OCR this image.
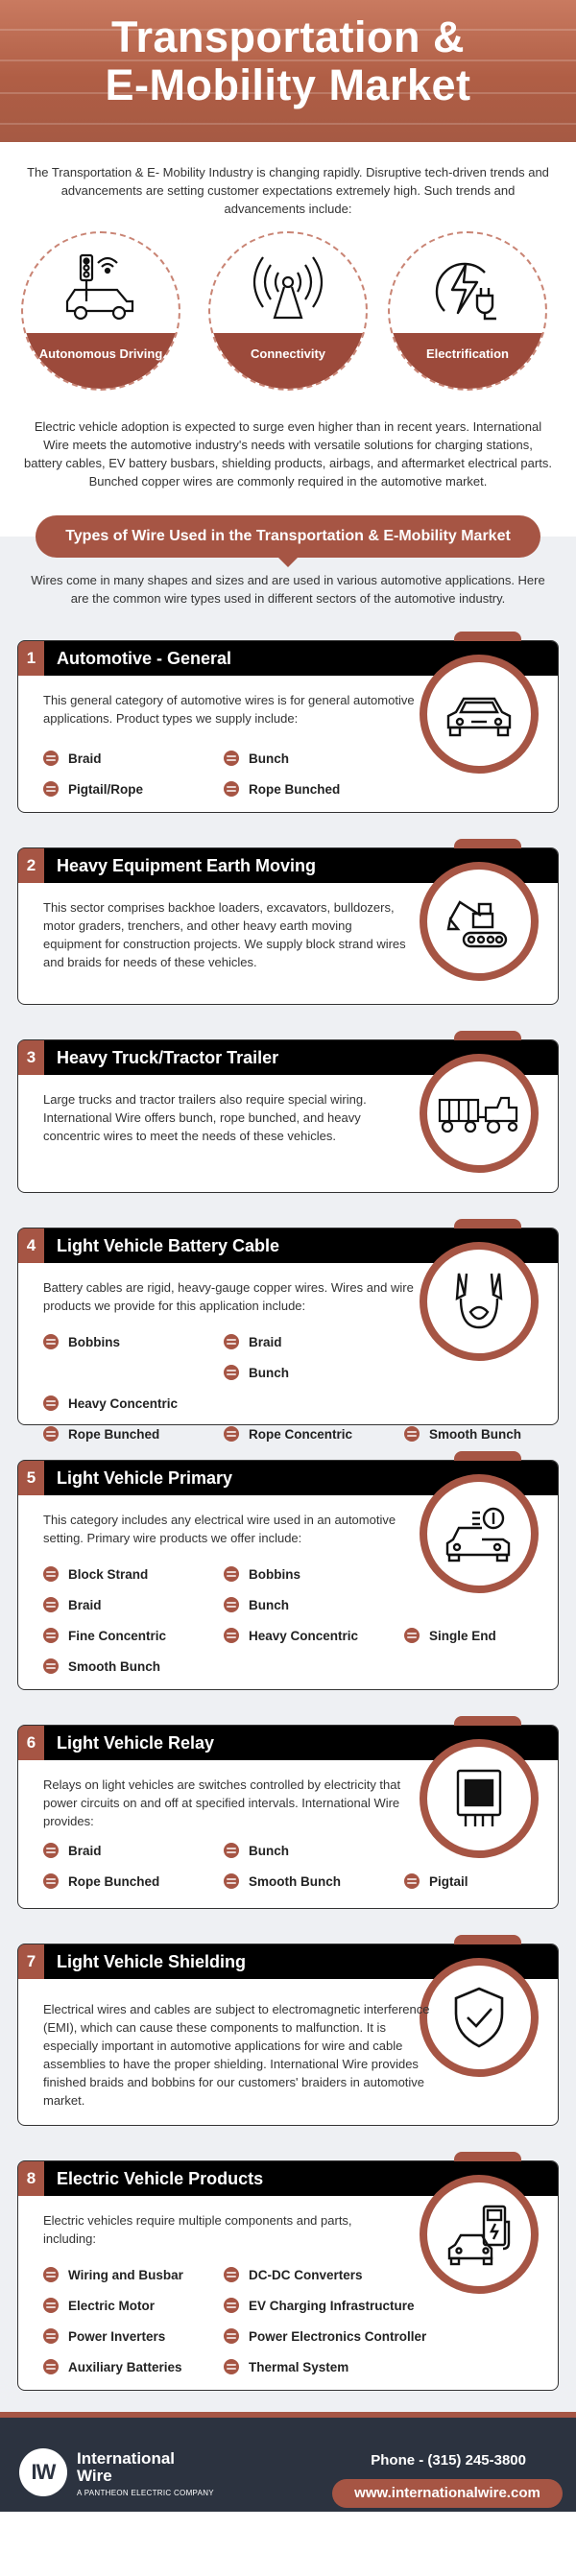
Transportation &
E-Mobility Market

The Transportation & E- Mobility Industry is changing rapidly. Disruptive tech-driven trends and advancements are setting customer expectations extremely high. Such trends and advancements include:

Autonomous Driving	Connectivity	Electrification

Electric vehicle adoption is expected to surge even higher than in recent years. International Wire meets the automotive industry's needs with versatile solutions for charging stations, battery cables, EV battery busbars, shielding products, airbags, and aftermarket electrical parts. Bunched copper wires are commonly required in the automotive market.

Types of Wire Used in the Transportation & E-Mobility Market

Wires come in many shapes and sizes and are used in various automotive applications. Here are the common wire types used in different sectors of the automotive industry.

1	Automotive - General

This general category of automotive wires is for general automotive applications. Product types we supply include:

Braid	Bunch
Pigtail/Rope	Rope Bunched
2	Heavy Equipment Earth Moving

This sector comprises backhoe loaders, excavators, bulldozers, motor graders, trenchers, and other heavy earth moving equipment for construction projects. We supply block strand wires and braids for needs of these vehicles.

3	Heavy Truck/Tractor Trailer

Large trucks and tractor trailers also require special wiring. International Wire offers bunch, rope bunched, and heavy concentric wires to meet the needs of these vehicles.

4	Light Vehicle Battery Cable

Battery cables are rigid, heavy-gauge copper wires. Wires and wire products we provide for this application include:

Bobbins	Braid
Bunch
Heavy Concentric
Rope Bunched	Rope Concentric	Smooth Bunch
5	Light Vehicle Primary

This category includes any electrical wire used in an automotive setting. Primary wire products we offer include:

Block Strand	Bobbins
Braid	Bunch
Fine Concentric	Heavy Concentric	Single End
Smooth Bunch
6	Light Vehicle Relay

Relays on light vehicles are switches controlled by electricity that power circuits on and off at specified intervals. International Wire provides:

Braid	Bunch
Rope Bunched	Smooth Bunch	Pigtail
7	Light Vehicle Shielding

Electrical wires and cables are subject to electromagnetic interference (EMI), which can cause these components to malfunction. It is especially important in automotive applications for wire and cable assemblies to have the proper shielding. International Wire provides finished braids and bobbins for our customers' braiders in automotive market.

8	Electric Vehicle Products

Electric vehicles require multiple components and parts, including:

Wiring and Busbar	DC-DC Converters
Electric Motor	EV Charging Infrastructure
Power Inverters	Power Electronics Controller
Auxiliary Batteries	Thermal System
IW
International
Wire
A PANTHEON ELECTRIC COMPANY
Phone - (315) 245-3800
www.internationalwire.com
